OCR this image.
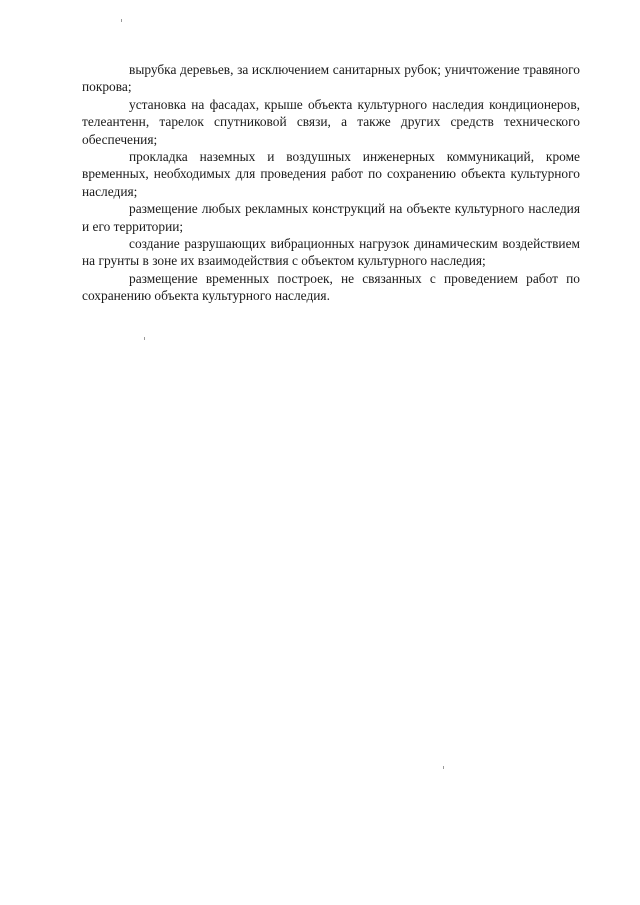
вырубка деревьев, за исключением санитарных рубок; уничтожение травяного покрова;

установка на фасадах, крыше объекта культурного наследия кондиционеров, телеантенн, тарелок спутниковой связи, а также других средств технического обеспечения;

прокладка наземных и воздушных инженерных коммуникаций, кроме временных, необходимых для проведения работ по сохранению объекта культурного наследия;

размещение любых рекламных конструкций на объекте культурного наследия и его территории;

создание разрушающих вибрационных нагрузок динамическим воздействием на грунты в зоне их взаимодействия с объектом культурного наследия;

размещение временных построек, не связанных с проведением работ по сохранению объекта культурного наследия.
